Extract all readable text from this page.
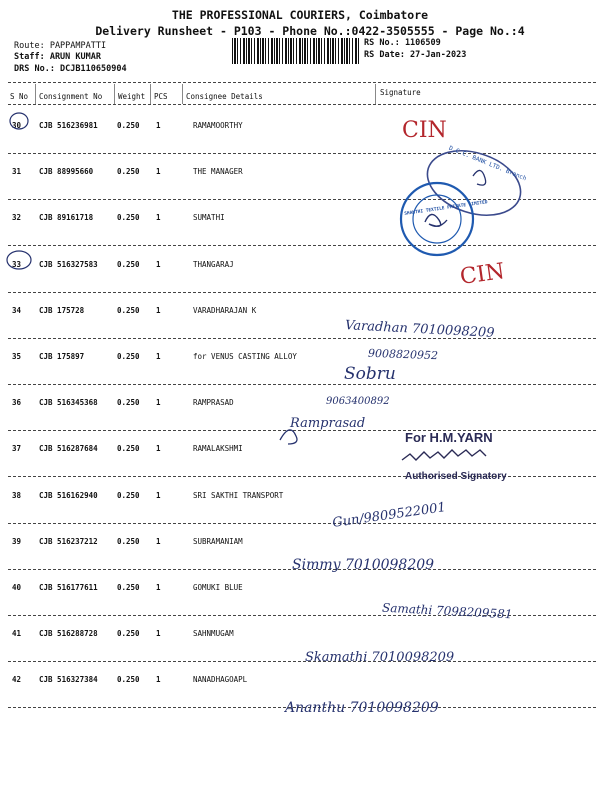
THE PROFESSIONAL COURIERS, Coimbatore
Delivery Runsheet - P103 - Phone No.:0422-3505555 - Page No.:4
Route: PAPPAMPATTI
Staff: ARUN KUMAR
DRS No.: DCJB110650904
RS No.: 1106509
RS Date: 27-Jan-2023
S No Consignment No Weight PCS Consignee Details	Signature
30 CJB 516236981	0.250 1	RAMAMOORTHY
31 CJB 88995660	0.250 1	THE MANAGER
32 CJB 89161718	0.250 1	SUMATHI
33 CJB 516327583	0.250 1	THANGARAJ
34 CJB 175728	0.250 1	VARADHARAJAN K
35 CJB 175897	0.250 1	for VENUS CASTING ALLOY
36 CJB 516345368	0.250 1	RAMPRASAD
37 CJB 516287684	0.250 1	RAMALAKSHMI
38 CJB 516162940	0.250 1	SRI SAKTHI TRANSPORT
39 CJB 516237212	0.250 1	SUBRAMANIAM
40 CJB 516177611	0.250 1	GOMUKI BLUE
41 CJB 516288728	0.250 1	SAHNMUGAM
42 CJB 516327384	0.250 1	NANADHAGOAPL
CIN
CIN
D.C.C. BANK LTD. Branch
SHANTHI TEXTILE PRIVATE LIMITED
For H.M.YARN
Authorised Signatory
Varadhan 7010098209
9008820952
Sobru
9063400892
Ramprasad
Gun/9809522001
Simmy 7010098209
Samathi 7098209581
Skamathi 7010098209
Ananthu 7010098209
